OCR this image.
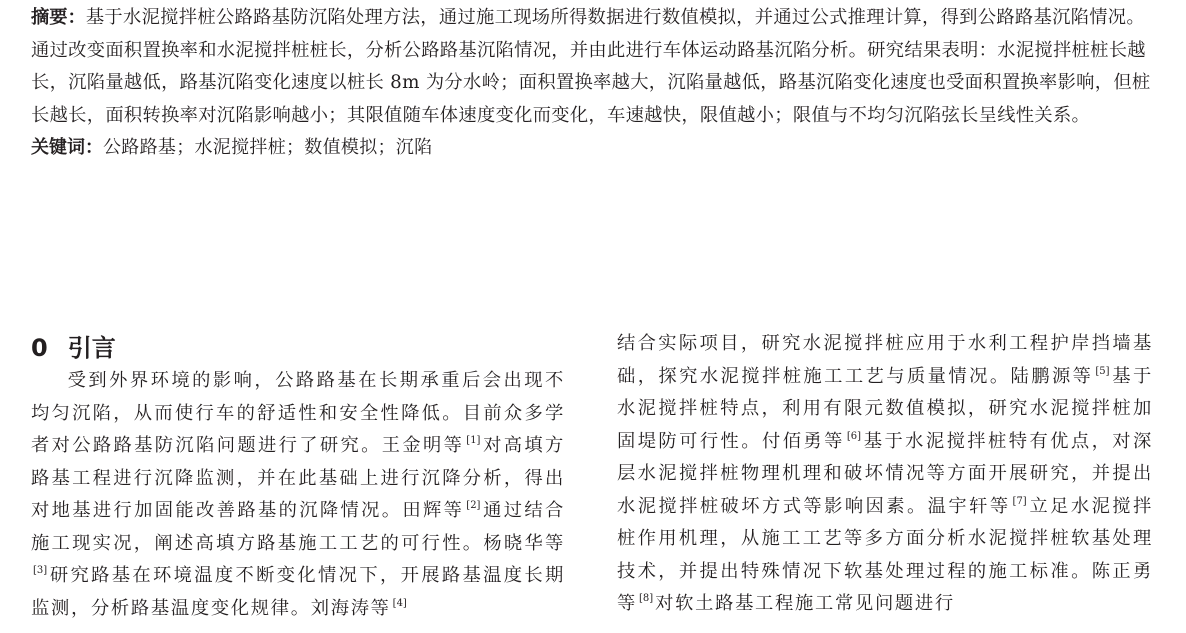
摘要：基于水泥搅拌桩公路路基防沉陷处理方法，通过施工现场所得数据进行数值模拟，并通过公式推理计算，得到公路路基沉陷情况。通过改变面积置换率和水泥搅拌桩桩长，分析公路路基沉陷情况，并由此进行车体运动路基沉陷分析。研究结果表明：水泥搅拌桩桩长越长，沉陷量越低，路基沉陷变化速度以桩长 8m 为分水岭；面积置换率越大，沉陷量越低，路基沉陷变化速度也受面积置换率影响，但桩长越长，面积转换率对沉陷影响越小；其限值随车体速度变化而变化，车速越快，限值越小；限值与不均匀沉陷弦长呈线性关系。

关键词：公路路基；水泥搅拌桩；数值模拟；沉陷

0 引言

受到外界环境的影响，公路路基在长期承重后会出现不均匀沉陷，从而使行车的舒适性和安全性降低。目前众多学者对公路路基防沉陷问题进行了研究。王金明等 [1] 对高填方路基工程进行沉降监测，并在此基础上进行沉降分析，得出对地基进行加固能改善路基的沉降情况。田辉等 [2] 通过结合施工现实况，阐述高填方路基施工工艺的可行性。杨晓华等[3] 研究路基在环境温度不断变化情况下，开展路基温度长期监测，分析路基温度变化规律。刘海涛等 [4]

结合实际项目，研究水泥搅拌桩应用于水利工程护岸挡墙基础，探究水泥搅拌桩施工工艺与质量情况。陆鹏源等 [5] 基于水泥搅拌桩特点，利用有限元数值模拟，研究水泥搅拌桩加固堤防可行性。付佰勇等 [6] 基于水泥搅拌桩特有优点，对深层水泥搅拌桩物理机理和破坏情况等方面开展研究，并提出水泥搅拌桩破坏方式等影响因素。温宇轩等 [7] 立足水泥搅拌桩作用机理，从施工工艺等多方面分析水泥搅拌桩软基处理技术，并提出特殊情况下软基处理过程的施工标准。陈正勇等 [8] 对软土路基工程施工常见问题进行
